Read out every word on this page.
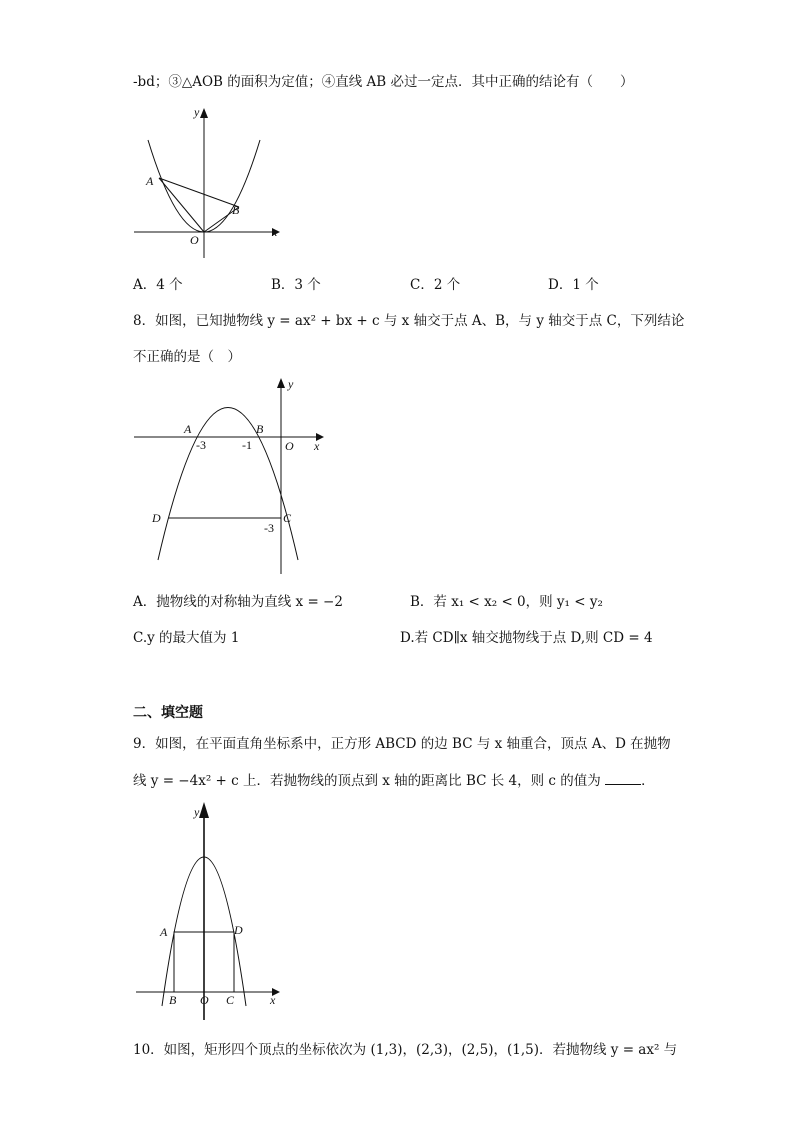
-bd；③△AOB 的面积为定值；④直线 AB 必过一定点．其中正确的结论有（　　）
y
x
A
B
O
A．4 个	B．3 个	C．2 个	D．1 个
8．如图，已知抛物线 y = ax² + bx + c 与 x 轴交于点 A、B，与 y 轴交于点 C，下列结论
不正确的是（　）
A	B
-3	-1	O x
y
D	C
-3
A．抛物线的对称轴为直线 x = −2	B．若 x₁ < x₂ < 0，则 y₁ < y₂
C.y 的最大值为 1	D.若 CD∥x 轴交抛物线于点 D,则 CD = 4
二、填空题
9．如图，在平面直角坐标系中，正方形 ABCD 的边 BC 与 x 轴重合，顶点 A、D 在抛物
线 y = −4x² + c 上．若抛物线的顶点到 x 轴的距离比 BC 长 4，则 c 的值为	．
y
x
A	D
B O C
10．如图，矩形四个顶点的坐标依次为 (1,3)，(2,3)，(2,5)，(1,5)．若抛物线 y = ax² 与
